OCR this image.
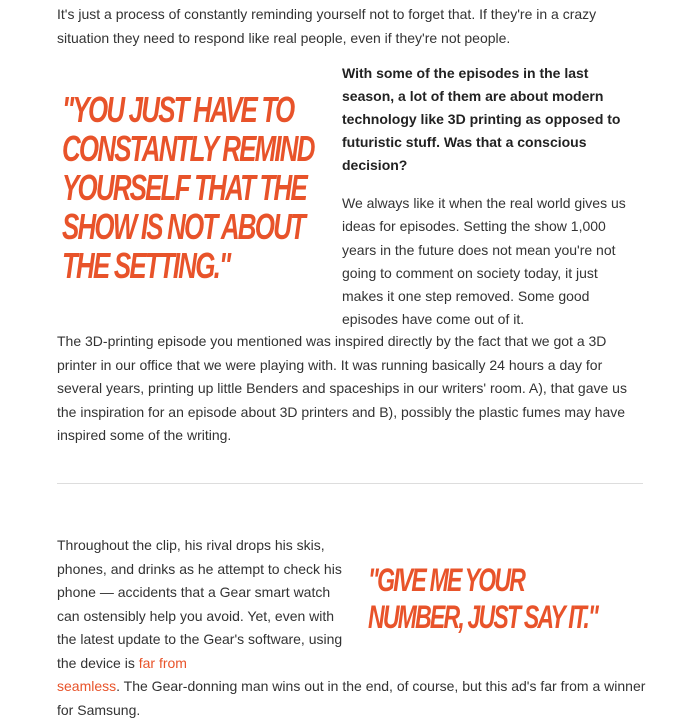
It's just a process of constantly reminding yourself not to forget that. If they're in a crazy situation they need to respond like real people, even if they're not people.

"YOU JUST HAVE TO
CONSTANTLY REMIND
YOURSELF THAT THE
SHOW IS NOT ABOUT
THE SETTING."

With some of the episodes in the last season, a lot of them are about modern technology like 3D printing as opposed to futuristic stuff. Was that a conscious decision?

We always like it when the real world gives us ideas for episodes. Setting the show 1,000 years in the future does not mean you're not going to comment on society today, it just makes it one step removed. Some good episodes have come out of it.

The 3D-printing episode you mentioned was inspired directly by the fact that we got a 3D printer in our office that we were playing with. It was running basically 24 hours a day for several years, printing up little Benders and spaceships in our writers' room. A), that gave us the inspiration for an episode about 3D printers and B), possibly the plastic fumes may have inspired some of the writing.

Throughout the clip, his rival drops his skis, phones, and drinks as he attempt to check his phone — accidents that a Gear smart watch can ostensibly help you avoid. Yet, even with the latest update to the Gear's software, using the device is far from

seamless. The Gear-donning man wins out in the end, of course, but this ad's far from a winner for Samsung.

"GIVE ME YOUR
NUMBER, JUST SAY IT."
